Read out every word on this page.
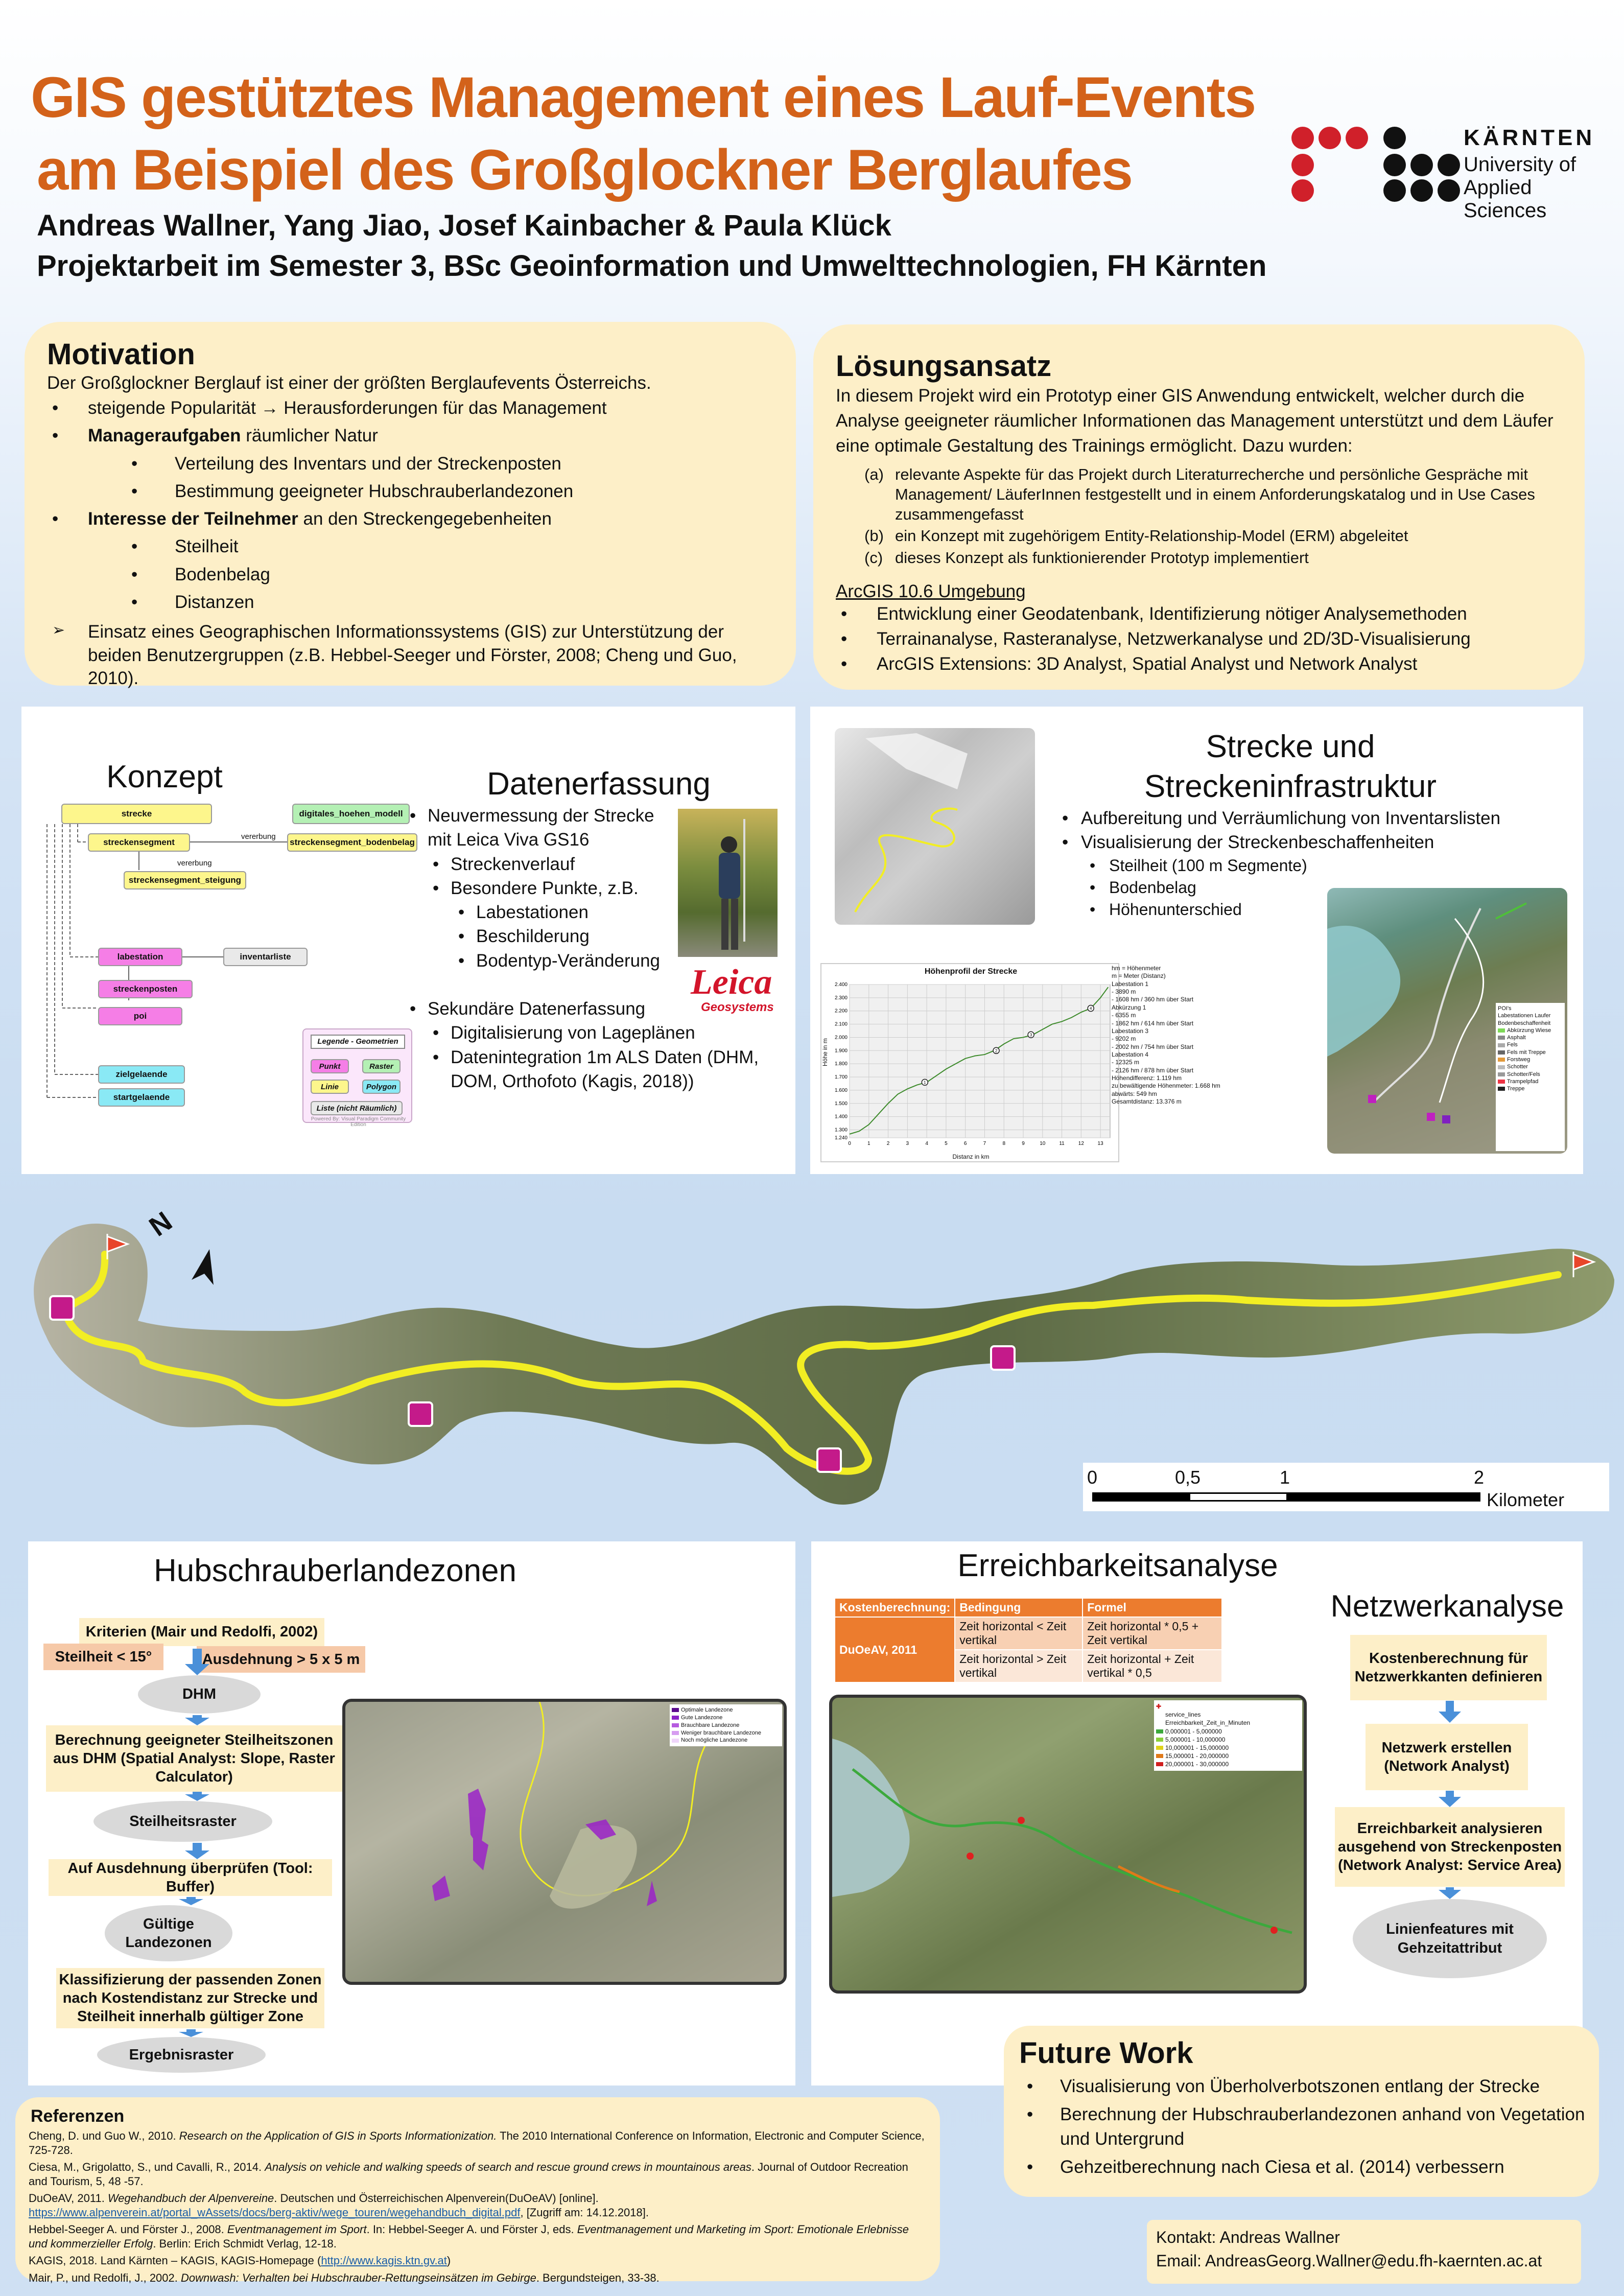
GIS gestütztes Management eines Lauf-Events
am Beispiel des Großglockner Berglaufes
Andreas Wallner, Yang Jiao, Josef Kainbacher & Paula Klück
Projektarbeit im Semester 3, BSc Geoinformation und Umwelttechnologien, FH Kärnten
KÄRNTEN
University of
Applied Sciences
Motivation
Der Großglockner Berglauf ist einer der größten Berglaufevents Österreichs.
• steigende Popularität → Herausforderungen für das Management
• Manageraufgaben räumlicher Natur
• Verteilung des Inventars und der Streckenposten
• Bestimmung geeigneter Hubschrauberlandezonen
• Interesse der Teilnehmer an den Streckengegebenheiten
• Steilheit
• Bodenbelag
• Distanzen
➢ Einsatz eines Geographischen Informationssystems (GIS) zur Unterstützung der beiden Benutzergruppen (z.B. Hebbel-Seeger und Förster, 2008; Cheng und Guo, 2010).
Lösungsansatz
In diesem Projekt wird ein Prototyp einer GIS Anwendung entwickelt, welcher durch die Analyse geeigneter räumlicher Informationen das Management unterstützt und dem Läufer eine optimale Gestaltung des Trainings ermöglicht. Dazu wurden:
(a) relevante Aspekte für das Projekt durch Literaturrecherche und persönliche Gespräche mit Management/ LäuferInnen festgestellt und in einem Anforderungskatalog und in Use Cases zusammengefasst
(b) ein Konzept mit zugehörigem Entity-Relationship-Model (ERM) abgeleitet
(c) dieses Konzept als funktionierender Prototyp implementiert
ArcGIS 10.6 Umgebung
• Entwicklung einer Geodatenbank, Identifizierung nötiger Analysemethoden
• Terrainanalyse, Rasteranalyse, Netzwerkanalyse und 2D/3D-Visualisierung
• ArcGIS Extensions: 3D Analyst, Spatial Analyst und Network Analyst
Konzept
strecke	digitales_hoehen_modell
streckensegment
vererbung
streckensegment_bodenbelag
vererbung
streckensegment_steigung
labestation	inventarliste
streckenposten
poi
zielgelaende
startgelaende
Legende - Geometrien
Punkt	Raster
Linie	Polygon
Liste (nicht Räumlich)
Powered By: Visual Paradigm Community Edition
Datenerfassung
• Neuvermessung der Strecke mit Leica Viva GS16
• Streckenverlauf
• Besondere Punkte, z.B.
• Labestationen
• Beschilderung
• Bodentyp-Veränderung
• Sekundäre Datenerfassung
• Digitalisierung von Lageplänen
• Datenintegration 1m ALS Daten (DHM, DOM, Orthofoto (Kagis, 2018))
Leica
Geosystems
Strecke und
Streckeninfrastruktur
• Aufbereitung und Verräumlichung von Inventarslisten
• Visualisierung der Streckenbeschaffenheiten
• Steilheit (100 m Segmente)
• Bodenbelag
• Höhenunterschied
Höhenprofil der Strecke
1.240
1.300
1.400
1.500
1.600
1.700
1.800
1.900
2.000
2.100
2.200
2.300
2.400
0	1	2	3	4	5	6	7	8	9	10	11	12	13
1
2
3
4
Höhe in m
Distanz in km
hm = Höhenmeter
m = Meter (Distanz)
Labestation 1
- 3890 m
- 1608 hm / 360 hm über Start
Abkürzung 1
- 6355 m
- 1862 hm / 614 hm über Start
Labestation 3
- 9202 m
- 2002 hm / 754 hm über Start
Labestation 4
- 12325 m
- 2126 hm / 878 hm über Start
Höhendifferenz: 1.119 hm
zu bewältigende Höhenmeter: 1.668 hm
abwärts: 549 hm
Gesamtdistanz: 13.376 m
POI's
Labestationen Laufer
Bodenbeschaffenheit
Abkürzung Wiese
Asphalt
Fels
Fels mit Treppe
Forstweg
Schotter
Schotter/Fels
Trampelpfad
Treppe
N
0	0,5	1	2
Kilometer
Hubschrauberlandezonen
Kriterien (Mair und Redolfi, 2002)
Steilheit < 15°	Ausdehnung > 5 x 5 m
DHM
Berechnung geeigneter Steilheitszonen aus DHM (Spatial Analyst: Slope, Raster Calculator)
Steilheitsraster
Auf Ausdehnung überprüfen (Tool: Buffer)
Gültige Landezonen
Klassifizierung der passenden Zonen nach Kostendistanz zur Strecke und Steilheit innerhalb gültiger Zone
Ergebnisraster
Optimale Landezone
Gute Landezone
Brauchbare Landezone
Weniger brauchbare Landezone
Noch mögliche Landezone
Erreichbarkeitsanalyse
Kostenberechnung:	Bedingung	Formel
DuOeAV, 2011	Zeit horizontal < Zeit vertikal	Zeit horizontal * 0,5 + Zeit vertikal
	Zeit horizontal > Zeit vertikal	Zeit horizontal + Zeit vertikal * 0,5
✚
service_lines
Erreichbarkeit_Zeit_in_Minuten
0,000001 - 5,000000
5,000001 - 10,000000
10,000001 - 15,000000
15,000001 - 20,000000
20,000001 - 30,000000
Netzwerkanalyse
Kostenberechnung für Netzwerkkanten definieren
Netzwerk erstellen (Network Analyst)
Erreichbarkeit analysieren ausgehend von Streckenposten (Network Analyst: Service Area)
Linienfeatures mit Gehzeitattribut
Future Work
• Visualisierung von Überholverbotszonen entlang der Strecke
• Berechnung der Hubschrauberlandezonen anhand von Vegetation und Untergrund
• Gehzeitberechnung nach Ciesa et al. (2014) verbessern
Referenzen

Cheng, D. und Guo W., 2010. Research on the Application of GIS in Sports Informationization. The 2010 International Conference on Information, Electronic and Computer Science, 725-728.

Ciesa, M., Grigolatto, S., und Cavalli, R., 2014. Analysis on vehicle and walking speeds of search and rescue ground crews in mountainous areas. Journal of Outdoor Recreation and Tourism, 5, 48 -57.

DuOeAV, 2011. Wegehandbuch der Alpenvereine. Deutschen und Österreichischen Alpenverein(DuOeAV) [online].
https://www.alpenverein.at/portal_wAssets/docs/berg-aktiv/wege_touren/wegehandbuch_digital.pdf, [Zugriff am: 14.12.2018].

Hebbel-Seeger A. und Förster J., 2008. Eventmanagement im Sport. In: Hebbel-Seeger A. und Förster J, eds. Eventmanagement und Marketing im Sport: Emotionale Erlebnisse und kommerzieller Erfolg. Berlin: Erich Schmidt Verlag, 12-18.

KAGIS, 2018. Land Kärnten – KAGIS, KAGIS-Homepage (http://www.kagis.ktn.gv.at)

Mair, P., und Redolfi, J., 2002. Downwash: Verhalten bei Hubschrauber-Rettungseinsätzen im Gebirge. Bergundsteigen, 33-38.

Kontakt: Andreas Wallner
Email: AndreasGeorg.Wallner@edu.fh-kaernten.ac.at
